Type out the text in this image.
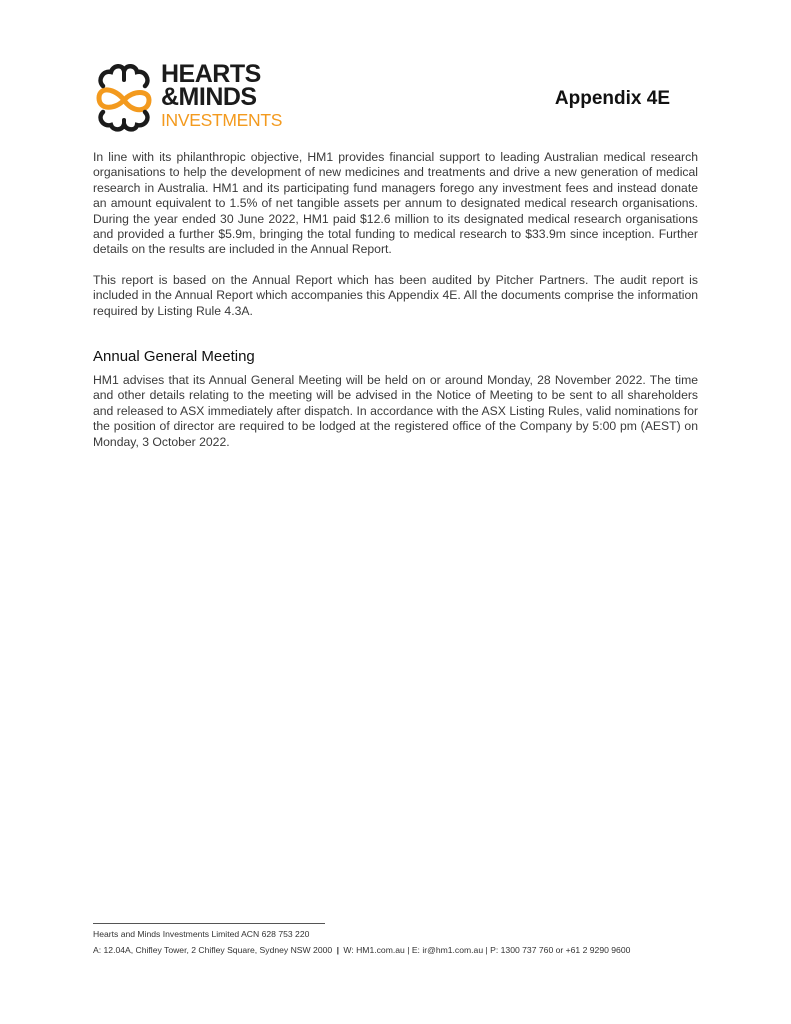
HEARTS
&MINDS
INVESTMENTS
Appendix 4E

In line with its philanthropic objective, HM1 provides financial support to leading Australian medical research organisations to help the development of new medicines and treatments and drive a new generation of medical research in Australia. HM1 and its participating fund managers forego any investment fees and instead donate an amount equivalent to 1.5% of net tangible assets per annum to designated medical research organisations. During the year ended 30 June 2022, HM1 paid $12.6 million to its designated medical research organisations and provided a further $5.9m, bringing the total funding to medical research to $33.9m since inception. Further details on the results are included in the Annual Report.

This report is based on the Annual Report which has been audited by Pitcher Partners. The audit report is included in the Annual Report which accompanies this Appendix 4E. All the documents comprise the information required by Listing Rule 4.3A.

Annual General Meeting

HM1 advises that its Annual General Meeting will be held on or around Monday, 28 November 2022. The time and other details relating to the meeting will be advised in the Notice of Meeting to be sent to all shareholders and released to ASX immediately after dispatch. In accordance with the ASX Listing Rules, valid nominations for the position of director are required to be lodged at the registered office of the Company by 5:00 pm (AEST) on Monday, 3 October 2022.

Hearts and Minds Investments Limited ACN 628 753 220
A: 12.04A, Chifley Tower, 2 Chifley Square, Sydney NSW 2000 | W: HM1.com.au | E: ir@hm1.com.au | P: 1300 737 760 or +61 2 9290 9600
